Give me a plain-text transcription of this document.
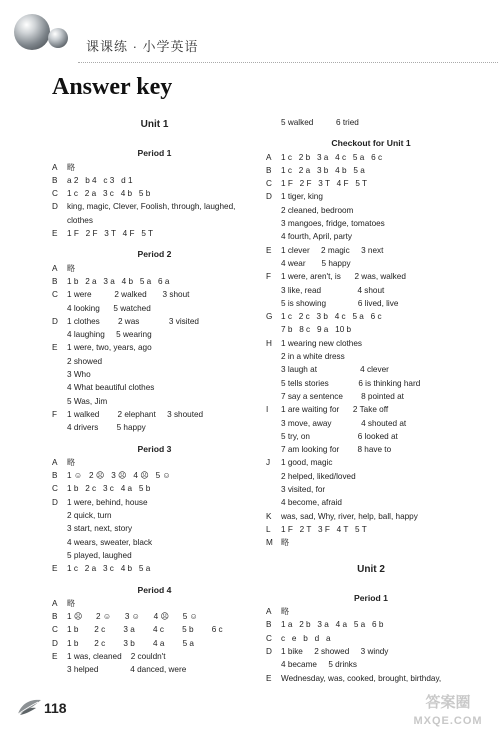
课课练 · 小学英语
Answer key
Unit 1
Period 1
A	略
B	a 2   b 4   c 3   d 1
C	1 c   2 a   3 c   4 b   5 b
D	king, magic, Clever, Foolish, through, laughed,
clothes
E	1 F   2 F   3 T   4 F   5 T
Period 2
A	略
B	1 b   2 a   3 a   4 b   5 a   6 a
C	1 were          2 walked       3 shout
4 looking      5 watched
D	1 clothes        2 was             3 visited
4 laughing     5 wearing
E	1 were, two, years, ago
2 showed
3 Who
4 What beautiful clothes
5 Was, Jim
F	1 walked        2 elephant     3 shouted
4 drivers        5 happy
Period 3
A	略
B	1 ☺   2 ☹   3 ☹   4 ☹   5 ☺
C	1 b   2 c   3 c   4 a   5 b
D	1 were, behind, house
2 quick, turn
3 start, next, story
4 wears, sweater, black
5 played, laughed
E	1 c   2 a   3 c   4 b   5 a
Period 4
A	略
B	1 ☹      2 ☺      3 ☺      4 ☹      5 ☺
C	1 b       2 c        3 a        4 c        5 b        6 c
D	1 b       2 c        3 b        4 a        5 a
E	1 was, cleaned    2 couldn't
3 helped              4 danced, were
5 walked          6 tried
Checkout for Unit 1
A	1 c   2 b   3 a   4 c   5 a   6 c
B	1 c   2 a   3 b   4 b   5 a
C	1 F   2 F   3 T   4 F   5 T
D	1 tiger, king
2 cleaned, bedroom
3 mangoes, fridge, tomatoes
4 fourth, April, party
E	1 clever     2 magic     3 next
4 wear       5 happy
F	1 were, aren't, is      2 was, walked
3 like, read                4 shout
5 is showing              6 lived, live
G	1 c   2 c   3 b   4 c   5 a   6 c
7 b   8 c   9 a   10 b
H	1 wearing new clothes
2 in a white dress
3 laugh at                   4 clever
5 tells stories             6 is thinking hard
7 say a sentence        8 pointed at
I	1 are waiting for      2 Take off
3 move, away             4 shouted at
5 try, on                     6 looked at
7 am looking for        8 have to
J	1 good, magic
2 helped, liked/loved
3 visited, for
4 become, afraid
K	was, sad, Why, river, help, ball, happy
L	1 F   2 T   3 F   4 T   5 T
M 略
Unit 2
Period 1
A	略
B	1 a   2 b   3 a   4 a   5 a   6 b
C	c   e   b   d   a
D	1 bike     2 showed     3 windy
4 became     5 drinks
E	Wednesday, was, cooked, brought, birthday,
118	答案圈
MXQE.COM
